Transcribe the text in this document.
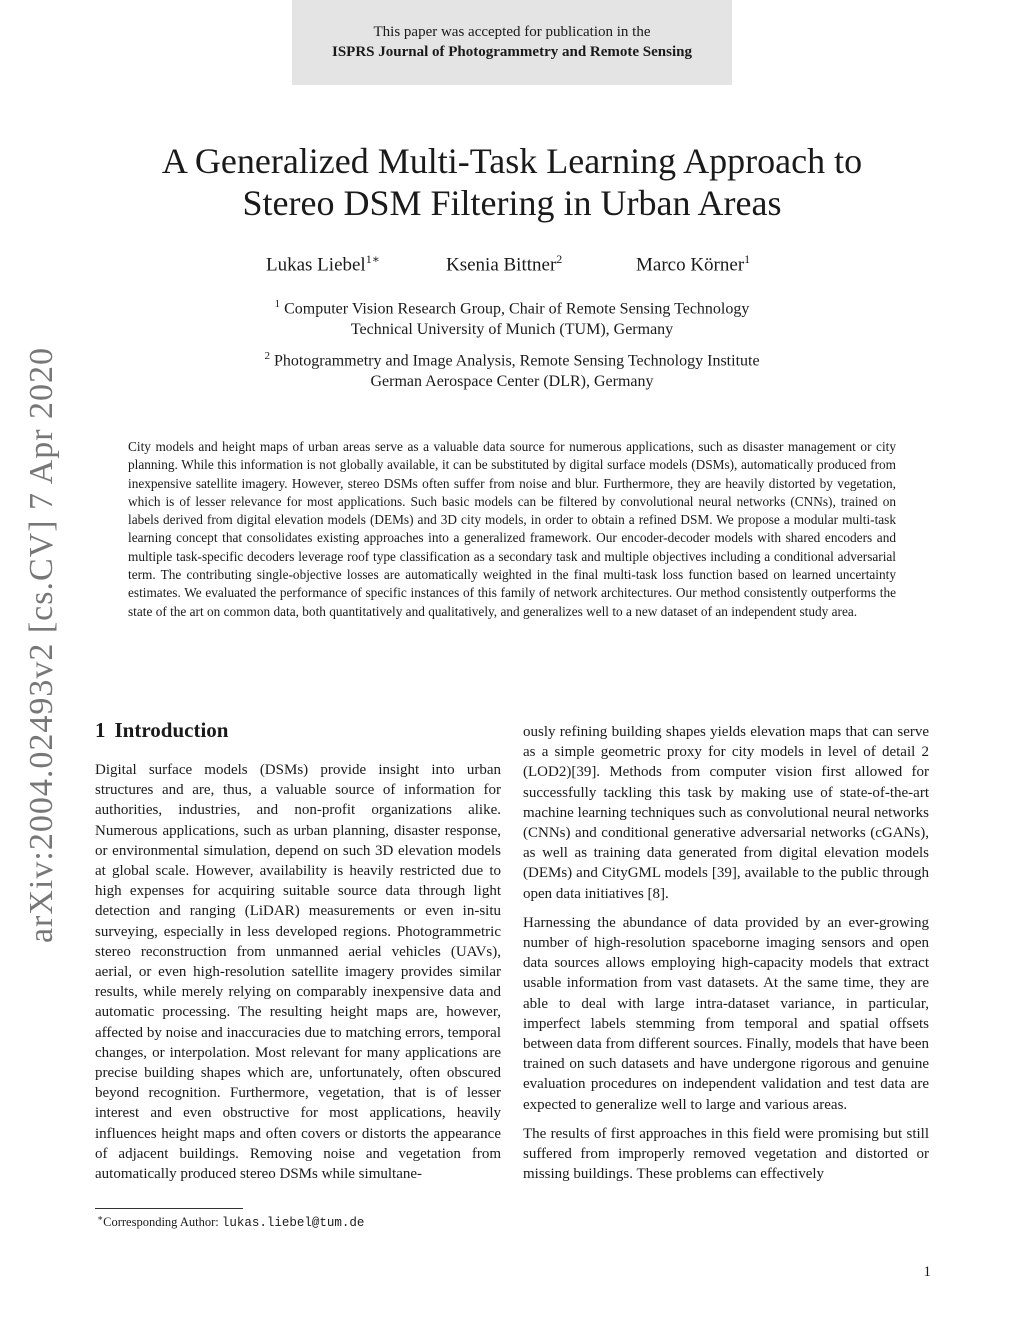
This paper was accepted for publication in the
ISPRS Journal of Photogrammetry and Remote Sensing
arXiv:2004.02493v2 [cs.CV] 7 Apr 2020
A Generalized Multi-Task Learning Approach to
Stereo DSM Filtering in Urban Areas
Lukas Liebel$^{1∗}$	Ksenia Bittner$^2$	Marco Körner$^1$
$^1$ Computer Vision Research Group, Chair of Remote Sensing Technology
Technical University of Munich (TUM), Germany
$^2$ Photogrammetry and Image Analysis, Remote Sensing Technology Institute
German Aerospace Center (DLR), Germany

City models and height maps of urban areas serve as a valuable data source for numerous applications, such as disaster management or city planning. While this information is not globally available, it can be substituted by digital surface models (DSMs), automatically produced from inexpensive satellite imagery. However, stereo DSMs often suffer from noise and blur. Furthermore, they are heavily distorted by vegetation, which is of lesser relevance for most applications. Such basic models can be filtered by convolutional neural networks (CNNs), trained on labels derived from digital elevation models (DEMs) and 3D city models, in order to obtain a refined DSM. We propose a modular multi-task learning concept that consolidates existing approaches into a generalized framework. Our encoder-decoder models with shared encoders and multiple task-specific decoders leverage roof type classification as a secondary task and multiple objectives including a conditional adversarial term. The contributing single-objective losses are automatically weighted in the final multi-task loss function based on learned uncertainty estimates. We evaluated the performance of specific instances of this family of network architectures. Our method consistently outperforms the state of the art on common data, both quantitatively and qualitatively, and generalizes well to a new dataset of an independent study area.

1 Introduction

Digital surface models (DSMs) provide insight into urban structures and are, thus, a valuable source of information for authorities, industries, and non-profit organizations alike. Numerous applications, such as urban planning, disaster response, or environmental simulation, depend on such 3D elevation models at global scale. However, availability is heavily restricted due to high expenses for acquiring suitable source data through light detection and ranging (LiDAR) measurements or even in-situ surveying, especially in less developed regions. Photogrammetric stereo reconstruction from unmanned aerial vehicles (UAVs), aerial, or even high-resolution satellite imagery provides similar results, while merely relying on comparably inexpensive data and automatic processing. The resulting height maps are, however, affected by noise and inaccuracies due to matching errors, temporal changes, or interpolation. Most relevant for many applications are precise building shapes which are, unfortunately, often obscured beyond recognition. Furthermore, vegetation, that is of lesser interest and even obstructive for most applications, heavily influences height maps and often covers or distorts the appearance of adjacent buildings. Removing noise and vegetation from automatically produced stereo DSMs while simultane-

ously refining building shapes yields elevation maps that can serve as a simple geometric proxy for city models in level of detail 2 (LOD2)[39]. Methods from computer vision first allowed for successfully tackling this task by making use of state-of-the-art machine learning techniques such as convolutional neural networks (CNNs) and conditional generative adversarial networks (cGANs), as well as training data generated from digital elevation models (DEMs) and CityGML models [39], available to the public through open data initiatives [8].

Harnessing the abundance of data provided by an ever-growing number of high-resolution spaceborne imaging sensors and open data sources allows employing high-capacity models that extract usable information from vast datasets. At the same time, they are able to deal with large intra-dataset variance, in particular, imperfect labels stemming from temporal and spatial offsets between data from different sources. Finally, models that have been trained on such datasets and have undergone rigorous and genuine evaluation procedures on independent validation and test data are expected to generalize well to large and various areas.

The results of first approaches in this field were promising but still suffered from improperly removed vegetation and distorted or missing buildings. These problems can effectively

∗Corresponding Author: lukas.liebel@tum.de
1
